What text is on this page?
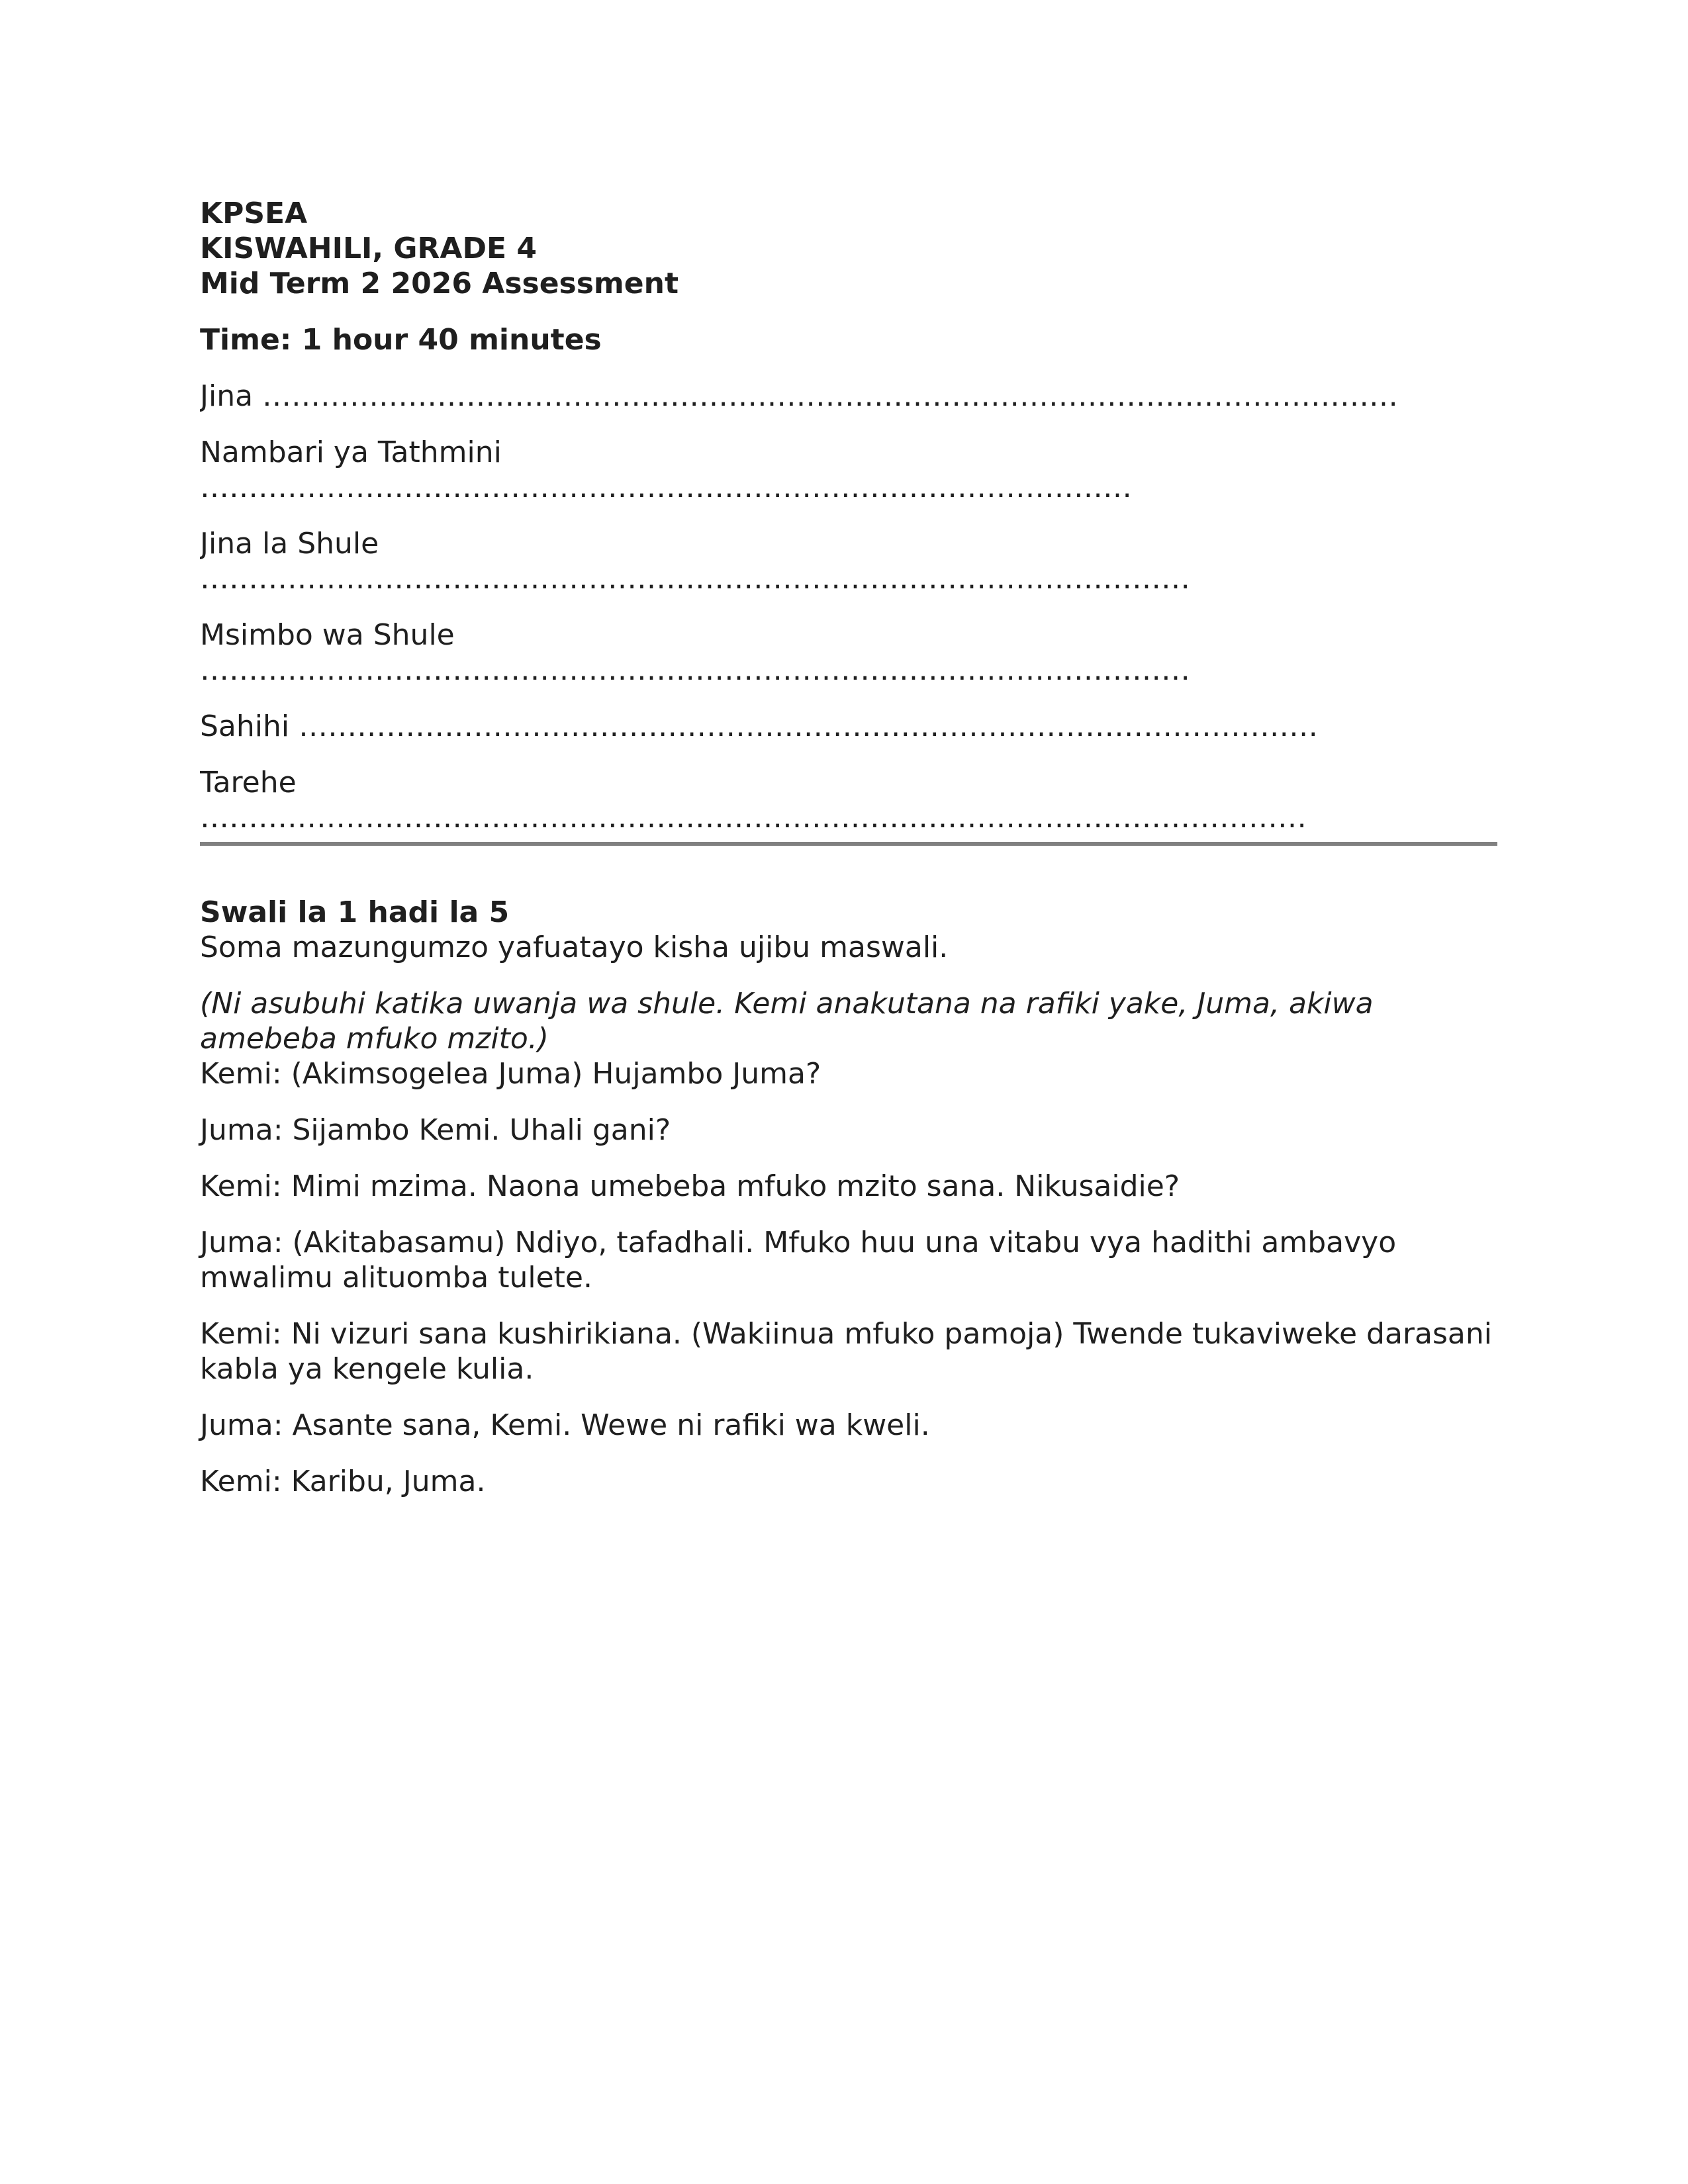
KPSEA
KISWAHILI, GRADE 4
Mid Term 2 2026 Assessment
Time: 1 hour 40 minutes
Jina ………………………………………………………………………………………………………
Nambari ya Tathmini
……………………………………………………………………………………
Jina la Shule
…………………………………………………………………………………………
Msimbo wa Shule
…………………………………………………………………………………………
Sahihi ……………………………………………………………………………………………
Tarehe
……………………………………………………………………………………………………
Swali la 1 hadi la 5

Soma mazungumzo yafuatayo kisha ujibu maswali.

(Ni asubuhi katika uwanja wa shule. Kemi anakutana na rafiki yake, Juma, akiwa amebeba mfuko mzito.)

Kemi: (Akimsogelea Juma) Hujambo Juma?

Juma: Sijambo Kemi. Uhali gani?

Kemi: Mimi mzima. Naona umebeba mfuko mzito sana. Nikusaidie?

Juma: (Akitabasamu) Ndiyo, tafadhali. Mfuko huu una vitabu vya hadithi ambavyo mwalimu alituomba tulete.

Kemi: Ni vizuri sana kushirikiana. (Wakiinua mfuko pamoja) Twende tukaviweke darasani kabla ya kengele kulia.

Juma: Asante sana, Kemi. Wewe ni rafiki wa kweli.

Kemi: Karibu, Juma.
